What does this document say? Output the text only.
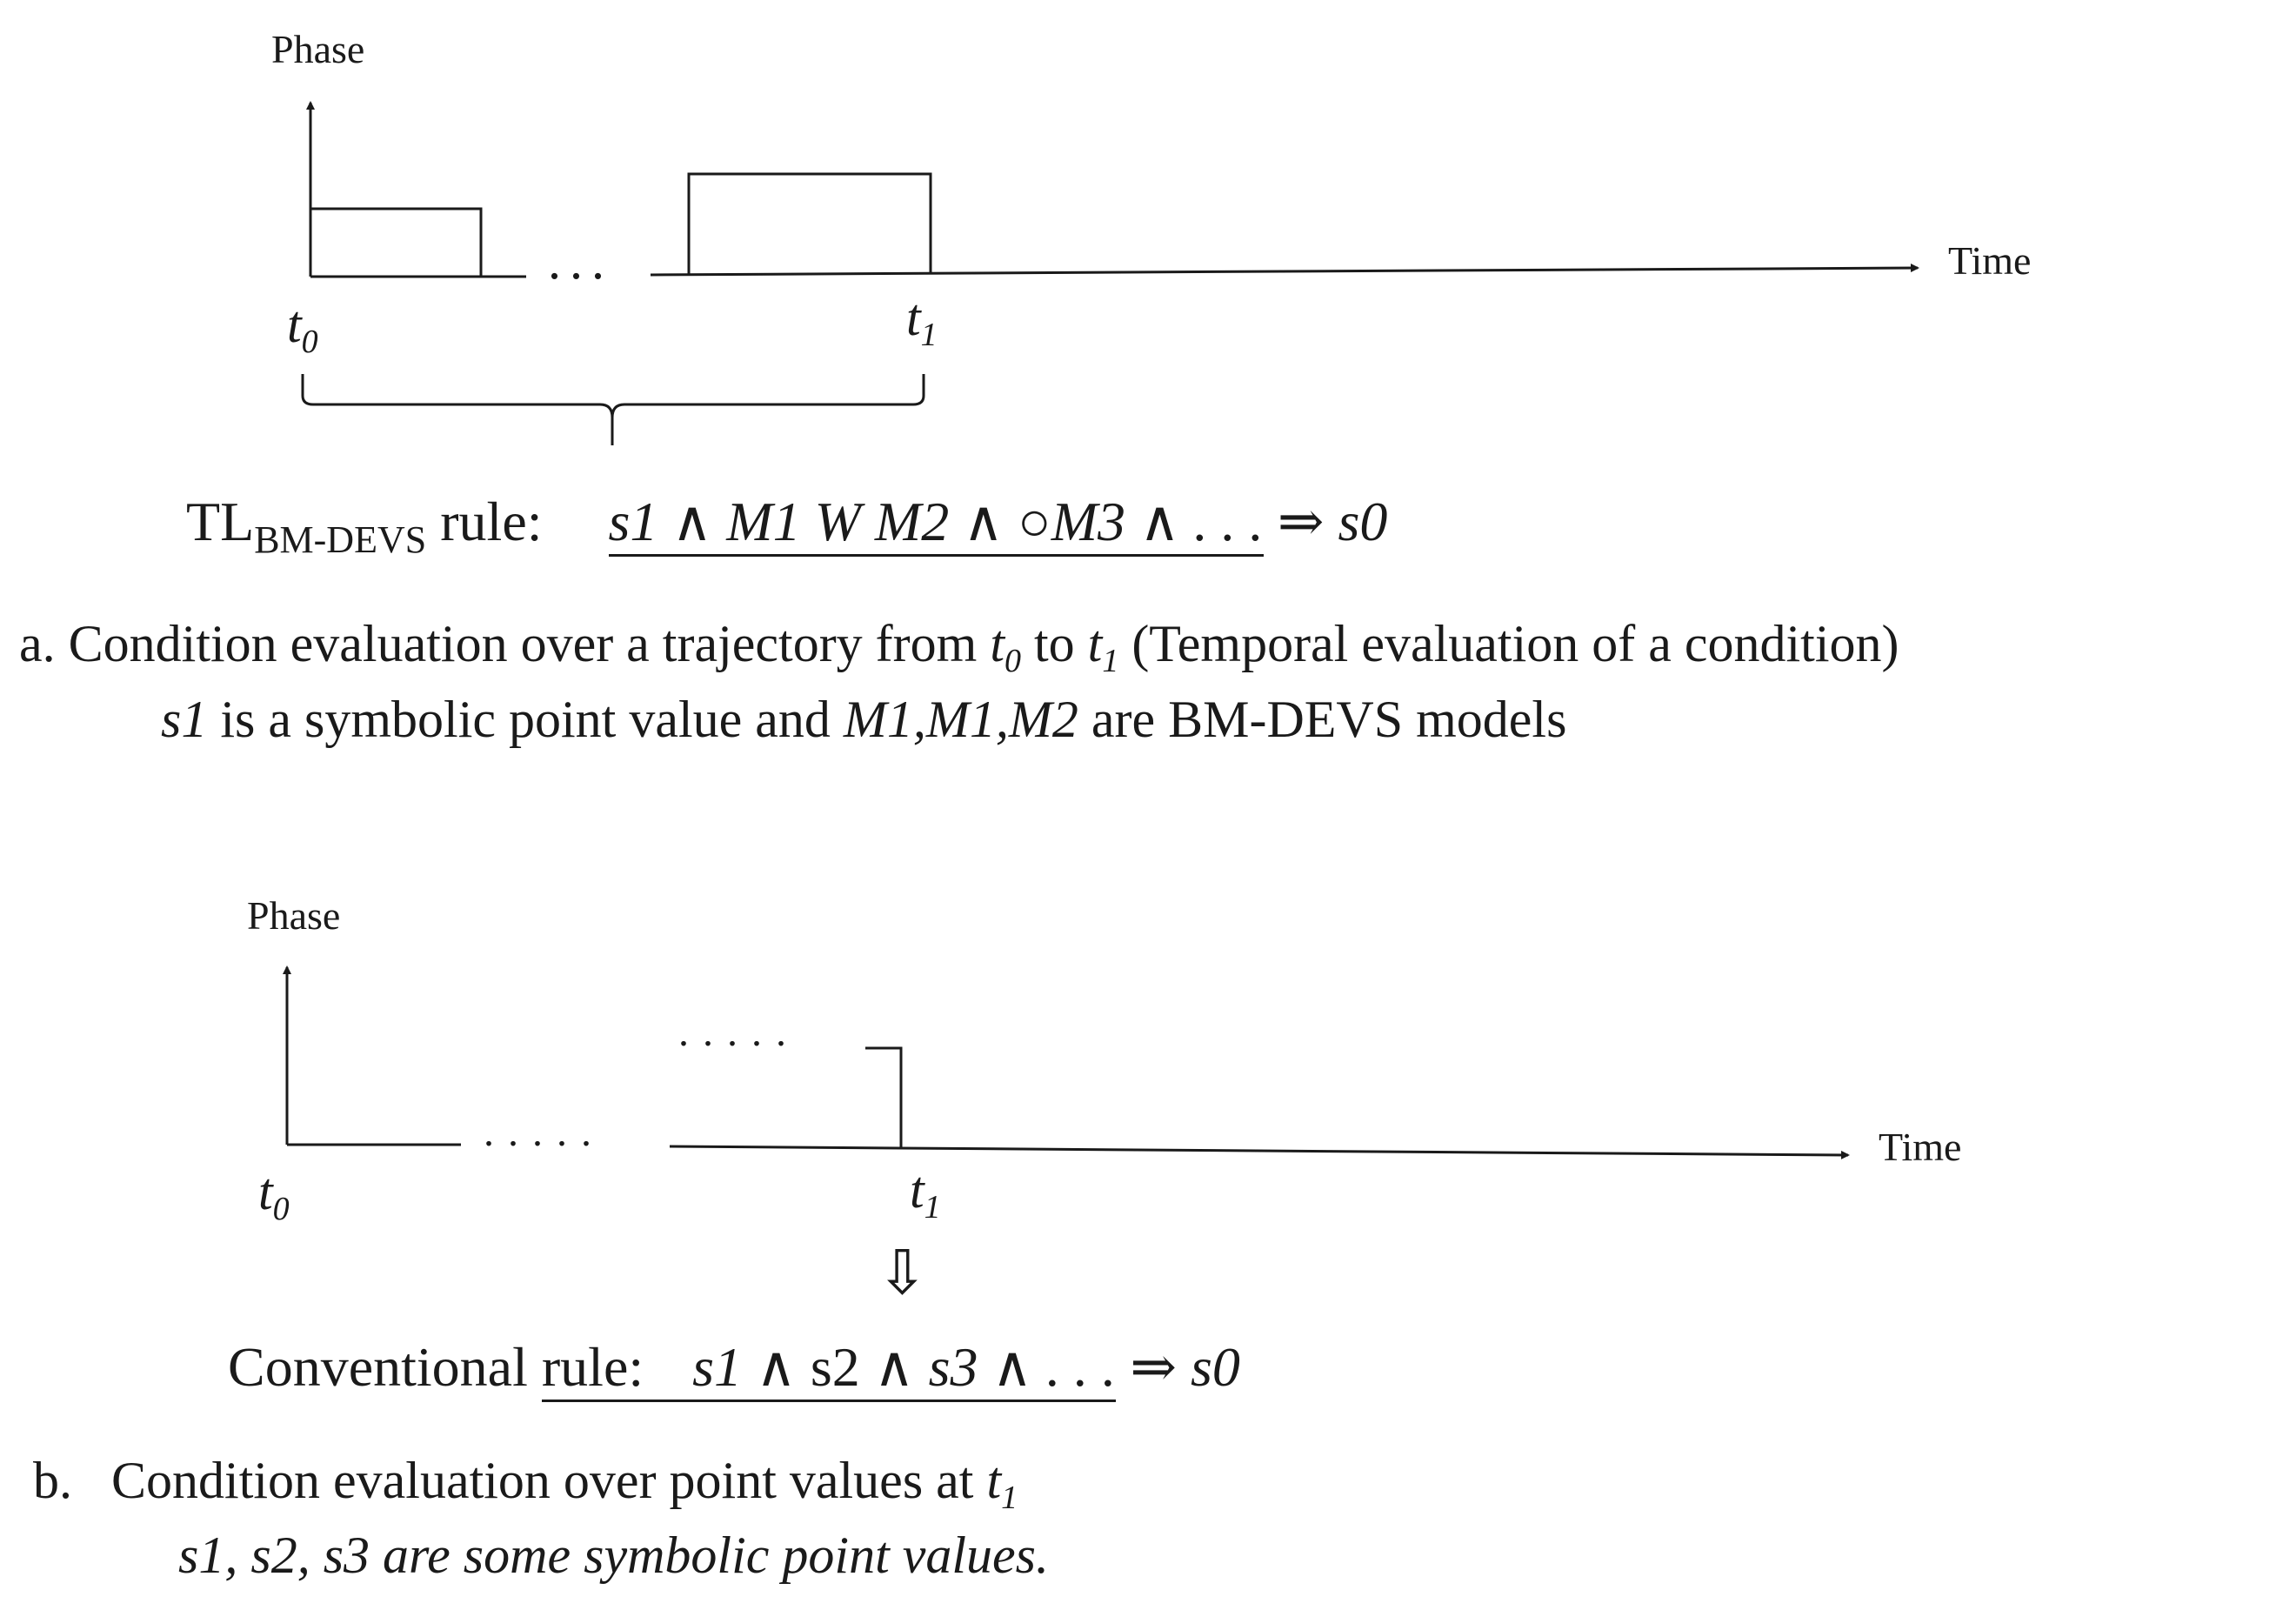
Phase
Time
...
$t_0$	$t_1$
$TL_{BM-DEVS}$ rule: s1 ∧ M1 W M2 ∧ ○M3 ∧ . . . ⇒ s0
a. Condition evaluation over a trajectory from $t_0$ to $t_1$ (Temporal evaluation of a condition)
s1 is a symbolic point value and M1,M1,M2 are BM-DEVS models
Phase
Time
. . . . .
. . . . .
$t_0$	$t_1$
⇩
Conventional rule: s1 ∧ s2 ∧ s3 ∧ . . . ⇒ s0
b.   Condition evaluation over point values at $t_1$
s1, s2, s3 are some symbolic point values.
